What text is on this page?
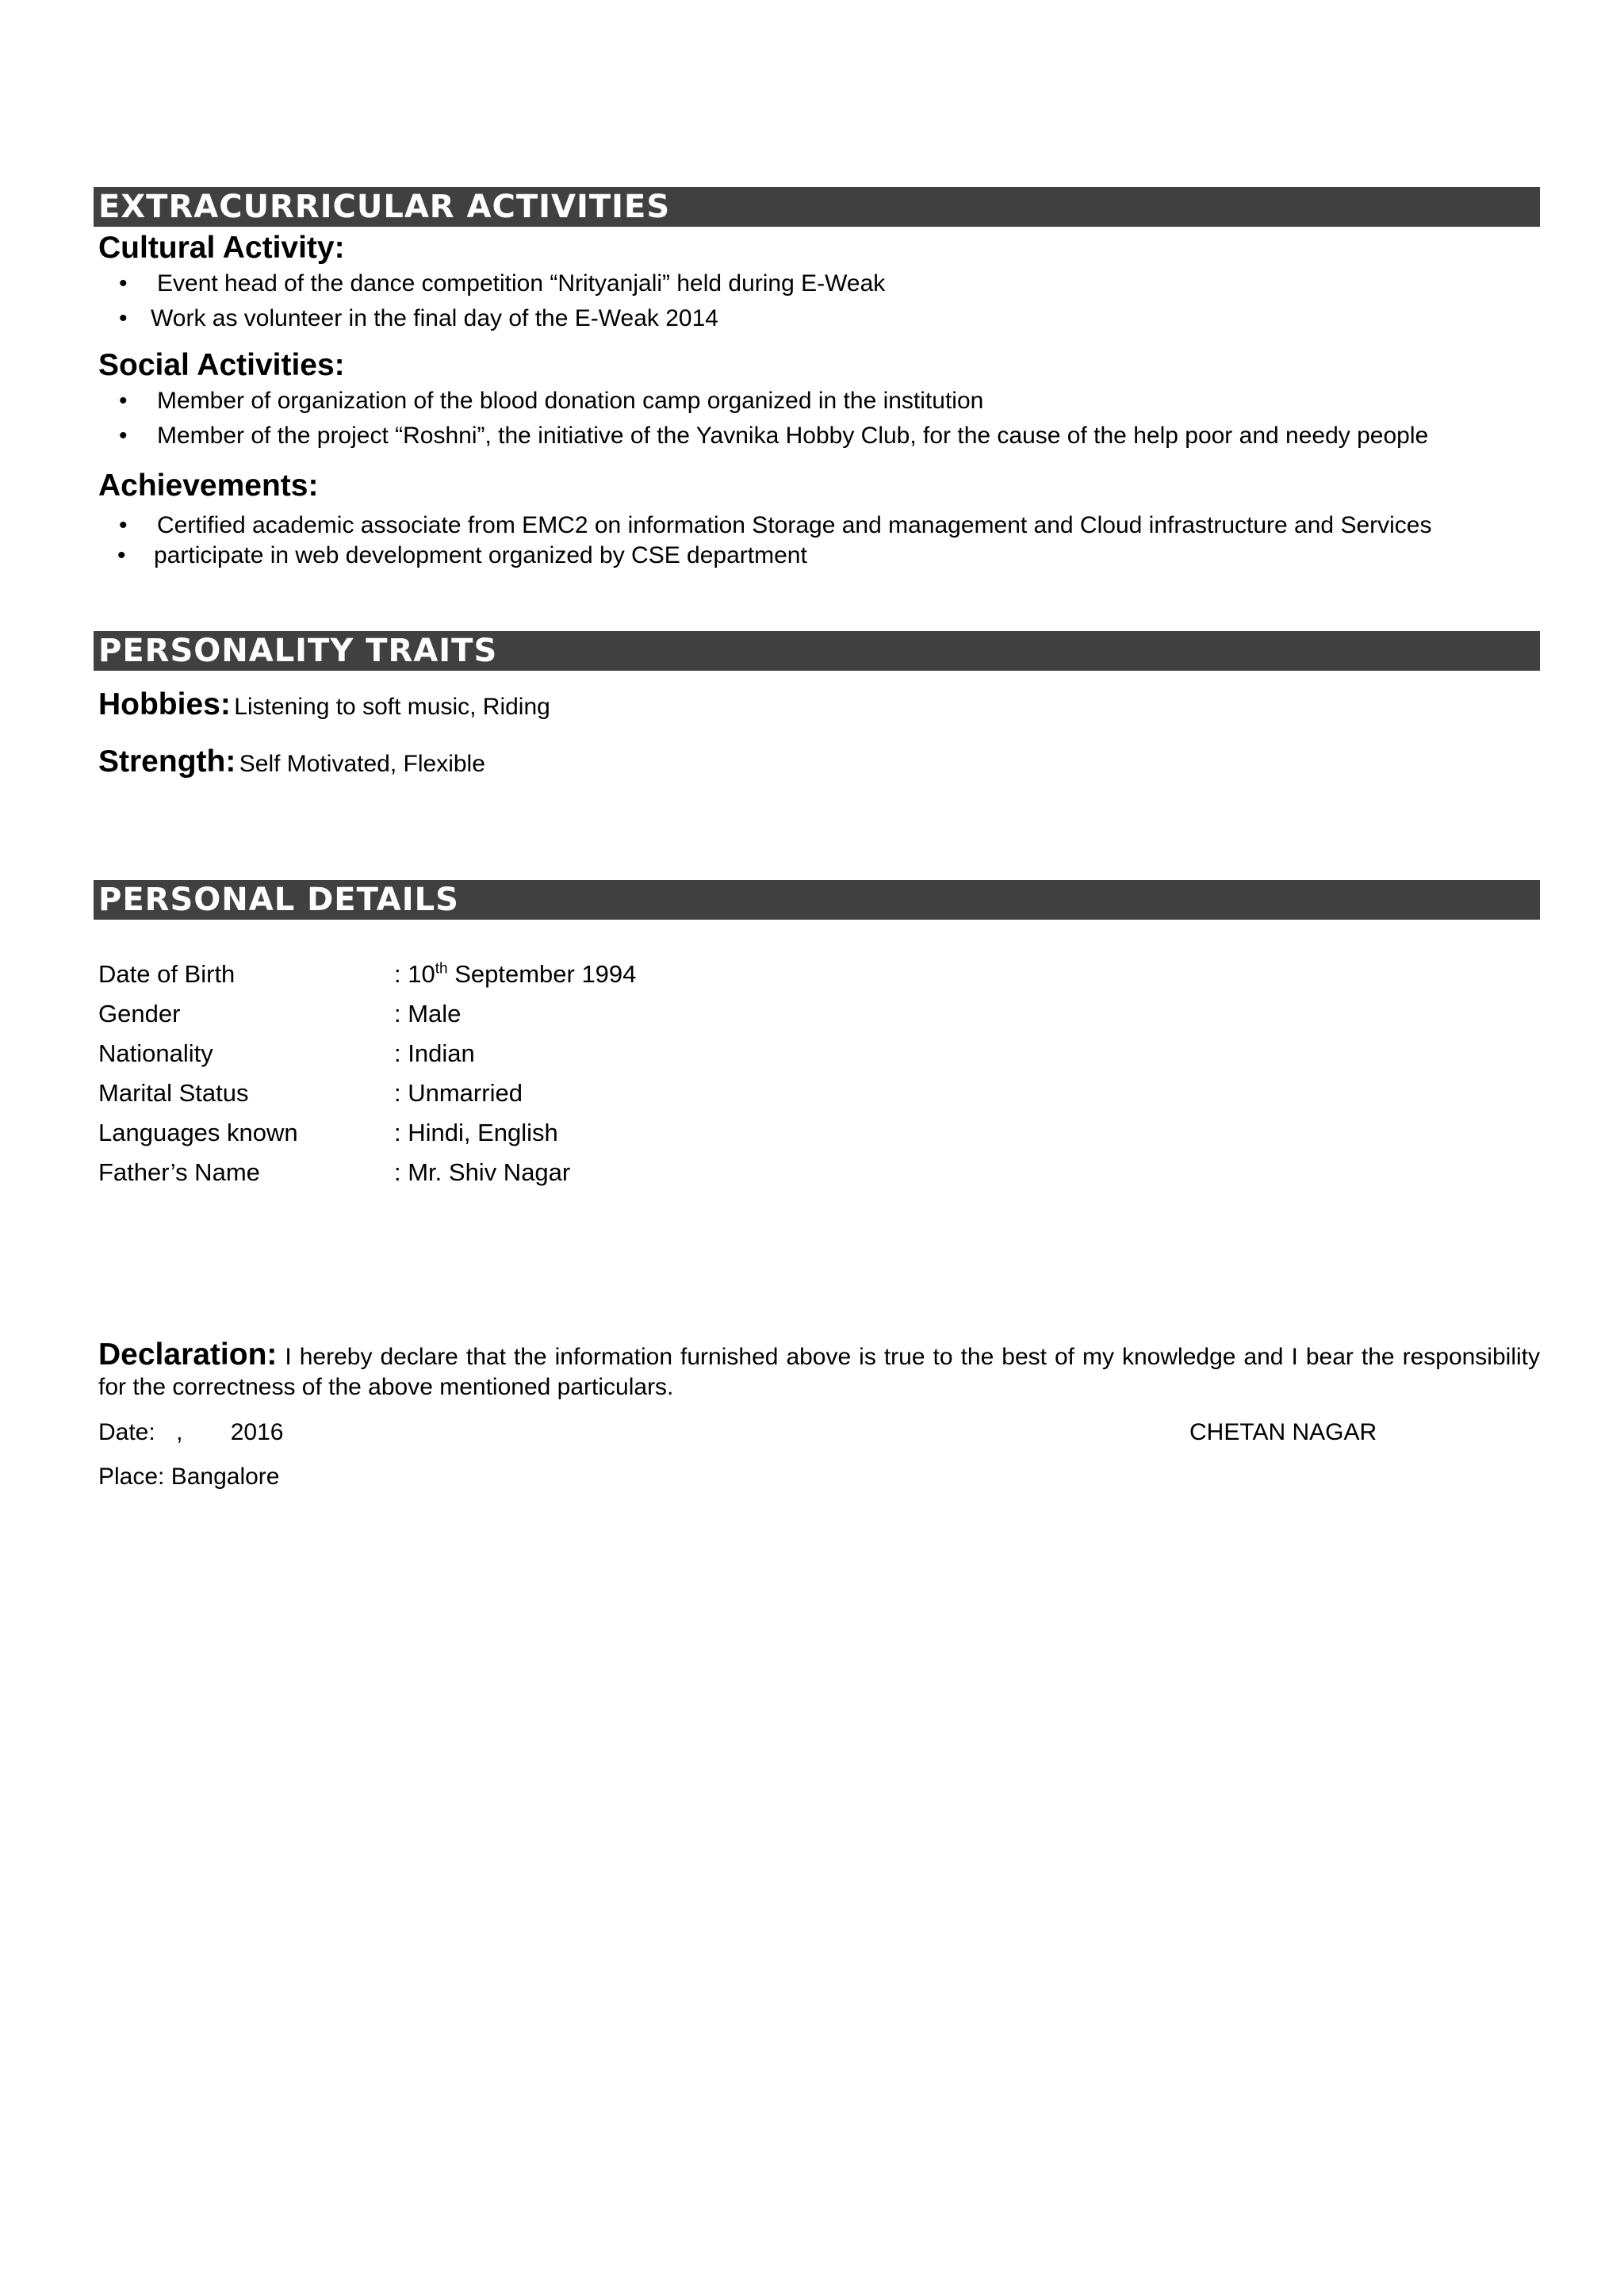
EXTRACURRICULAR ACTIVITIES
Cultural Activity:
•	Event head of the dance competition “Nrityanjali” held during E-Weak
• Work as volunteer in the final day of the E-Weak 2014
Social Activities:
•	Member of organization of the blood donation camp organized in the institution
•	Member of the project “Roshni”, the initiative of the Yavnika Hobby Club, for the cause of the help poor and needy people
Achievements:
•	Certified academic associate from EMC2 on information Storage and management and Cloud infrastructure and Services
•	participate in web development organized by CSE department
PERSONALITY TRAITS
Hobbies: Listening to soft music, Riding
Strength: Self Motivated, Flexible
PERSONAL DETAILS
Date of Birth	: 10th September 1994
Gender	: Male
Nationality	: Indian
Marital Status	: Unmarried
Languages known	: Hindi, English
Father’s Name	: Mr. Shiv Nagar
Declaration: I hereby declare that the information furnished above is true to the best of my knowledge and I bear the responsibility for the correctness of the above mentioned particulars.
Date: , 2016	CHETAN NAGAR
Place: Bangalore
